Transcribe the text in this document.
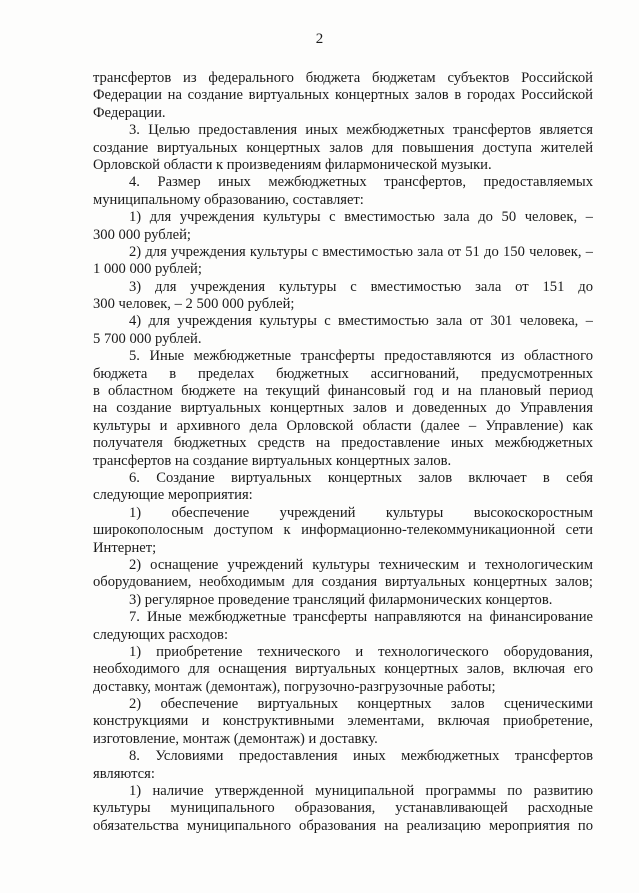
2
трансфертов из федерального бюджета бюджетам субъектов Российской
Федерации на создание виртуальных концертных залов в городах Российской
Федерации.
3. Целью предоставления иных межбюджетных трансфертов является
создание виртуальных концертных залов для повышения доступа жителей
Орловской области к произведениям филармонической музыки.
4. Размер иных межбюджетных трансфертов, предоставляемых
муниципальному образованию, составляет:
1) для учреждения культуры с вместимостью зала до 50 человек, –
300 000 рублей;
2) для учреждения культуры с вместимостью зала от 51 до 150 человек, –
1 000 000 рублей;
3) для учреждения культуры с вместимостью зала от 151 до
300 человек, – 2 500 000 рублей;
4) для учреждения культуры с вместимостью зала от 301 человека, –
5 700 000 рублей.
5. Иные межбюджетные трансферты предоставляются из областного
бюджета в пределах бюджетных ассигнований, предусмотренных
в областном бюджете на текущий финансовый год и на плановый период
на создание виртуальных концертных залов и доведенных до Управления
культуры и архивного дела Орловской области (далее – Управление) как
получателя бюджетных средств на предоставление иных межбюджетных
трансфертов на создание виртуальных концертных залов.
6. Создание виртуальных концертных залов включает в себя
следующие мероприятия:
1) обеспечение учреждений культуры высокоскоростным
широкополосным доступом к информационно-телекоммуникационной сети
Интернет;
2) оснащение учреждений культуры техническим и технологическим
оборудованием, необходимым для создания виртуальных концертных залов;
3) регулярное проведение трансляций филармонических концертов.
7. Иные межбюджетные трансферты направляются на финансирование
следующих расходов:
1) приобретение технического и технологического оборудования,
необходимого для оснащения виртуальных концертных залов, включая его
доставку, монтаж (демонтаж), погрузочно-разгрузочные работы;
2) обеспечение виртуальных концертных залов сценическими
конструкциями и конструктивными элементами, включая приобретение,
изготовление, монтаж (демонтаж) и доставку.
8. Условиями предоставления иных межбюджетных трансфертов
являются:
1) наличие утвержденной муниципальной программы по развитию
культуры муниципального образования, устанавливающей расходные
обязательства муниципального образования на реализацию мероприятия по
